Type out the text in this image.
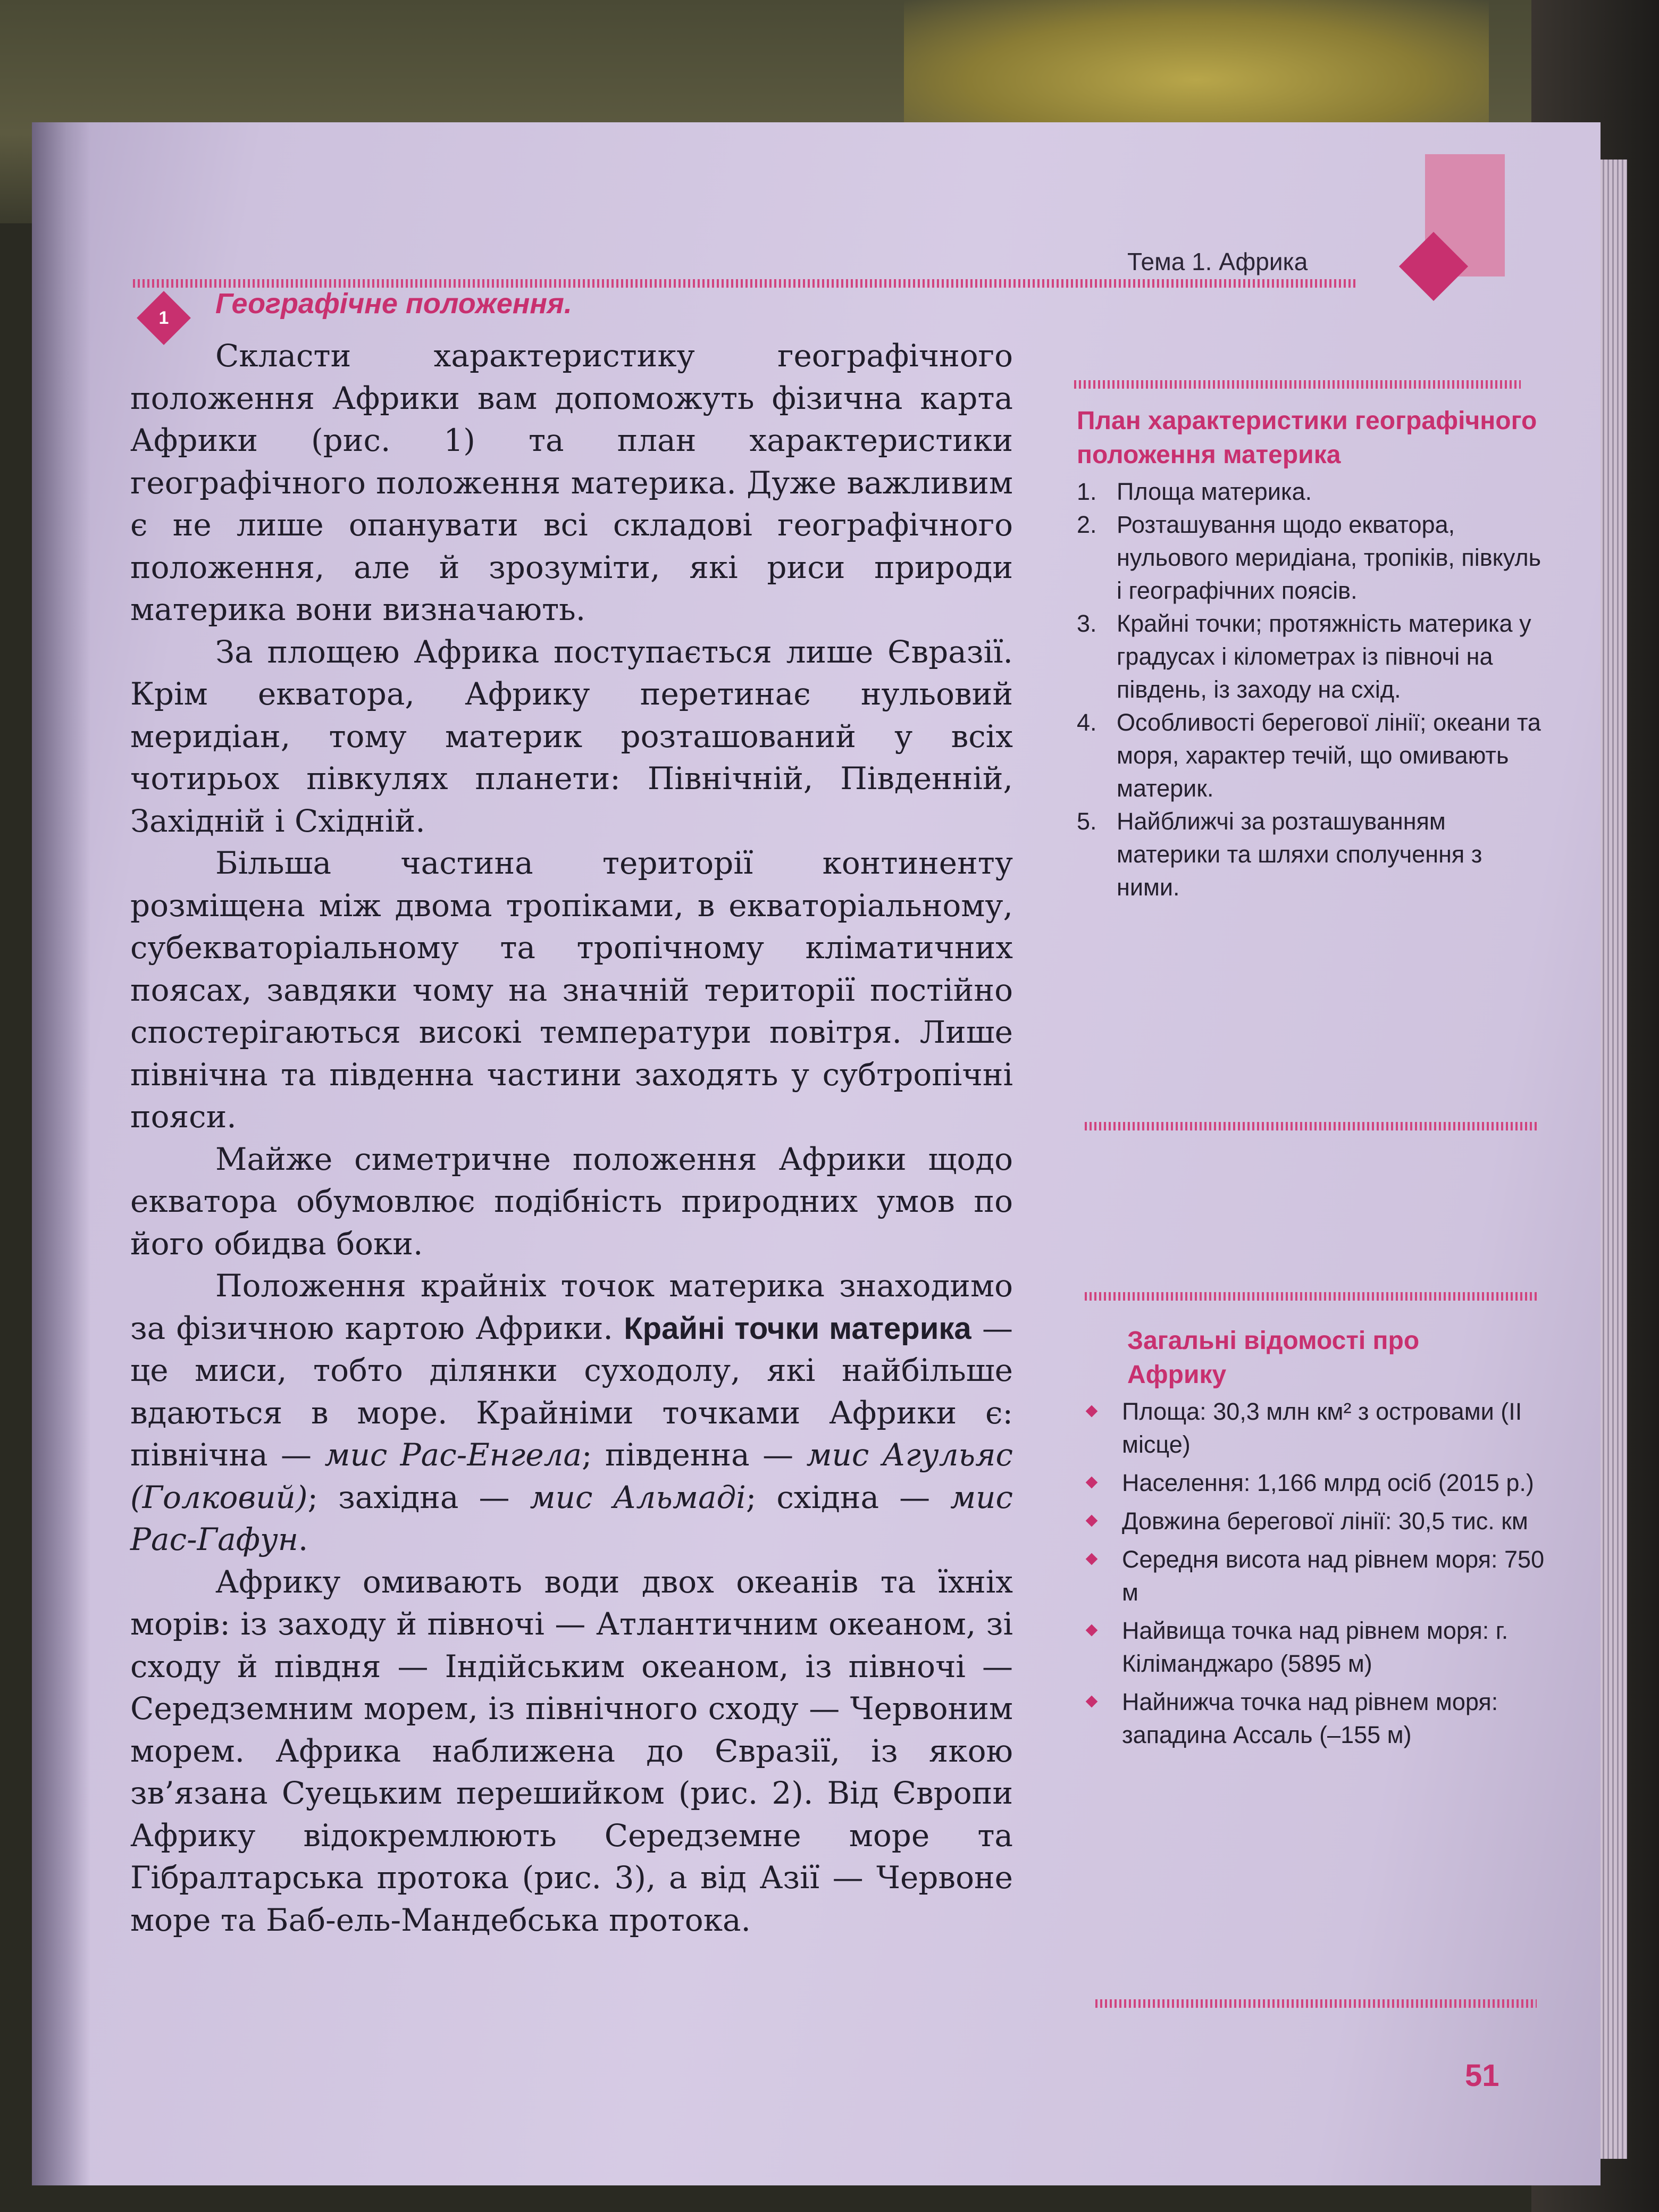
Тема 1. Африка
1	Географічне положення.

Скласти характеристику географічного положення Африки вам допоможуть фізична карта Африки (рис. 1) та план характеристики географічного положення материка. Дуже важливим є не лише опанувати всі складові географічного положення, але й зрозуміти, які риси природи материка вони визначають.

За площею Африка поступається лише Євразії. Крім екватора, Африку перетинає нульовий меридіан, тому материк розташований у всіх чотирьох півкулях планети: Північній, Південній, Західній і Східній.

Більша частина території континенту розміщена між двома тропіками, в екваторіальному, субекваторіальному та тропічному кліматичних поясах, завдяки чому на значній території постійно спостерігаються високі температури повітря. Лише північна та південна частини заходять у субтропічні пояси.

Майже симетричне положення Африки щодо екватора обумовлює подібність природних умов по його обидва боки.

Положення крайніх точок материка знаходимо за фізичною картою Африки. Крайні точки материка — це миси, тобто ділянки суходолу, які найбільше вдаються в море. Крайніми точками Африки є: північна — мис Рас-Енгела; південна — мис Агульяс (Голковий); західна — мис Альмаді; східна — мис Рас-Гафун.

Африку омивають води двох океанів та їхніх морів: із заходу й півночі — Атлантичним океаном, зі сходу й півдня — Індійським океаном, із півночі — Середземним морем, із північного сходу — Червоним морем. Африка наближена до Євразії, із якою зв’язана Суецьким перешийком (рис. 2). Від Європи Африку відокремлюють Середземне море та Гібралтарська протока (рис. 3), а від Азії — Червоне море та Баб-ель-Мандебська протока.

План характеристики географічного положення материка
1. Площа материка.
2. Розташування щодо екватора, нульового меридіана, тропіків, півкуль і географічних поясів.
3. Крайні точки; протяжність материка у градусах і кілометрах із півночі на південь, із заходу на схід.
4. Особливості берегової лінії; океани та моря, характер течій, що омивають материк.
5. Найближчі за розташуванням материки та шляхи сполучення з ними.
Загальні відомості про Африку
Площа: 30,3 млн км² з островами (ІІ місце)
Населення: 1,166 млрд осіб (2015 р.)
Довжина берегової лінії: 30,5 тис. км
Середня висота над рівнем моря: 750 м
Найвища точка над рівнем моря: г. Кіліманджаро (5895 м)
Найнижча точка над рівнем моря: западина Ассаль (–155 м)
51
